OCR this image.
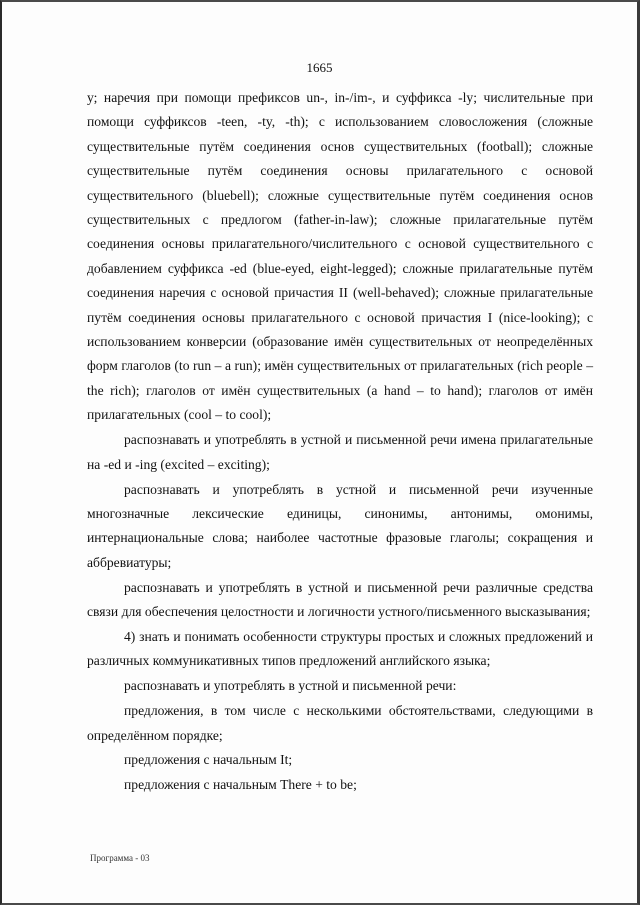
1665

у; наречия при помощи префиксов un-, in-/im-, и суффикса -ly; числительные при помощи суффиксов -teen, -ty, -th); с использованием словосложения (сложные существительные путём соединения основ существительных (football); сложные существительные путём соединения основы прилагательного с основой существительного (bluebell); сложные существительные путём соединения основ существительных с предлогом (father-in-law); сложные прилагательные путём соединения основы прилагательного/числительного с основой существительного с добавлением суффикса -ed (blue-eyed, eight-legged); сложные прилагательные путём соединения наречия с основой причастия II (well-behaved); сложные прилагательные путём соединения основы прилагательного с основой причастия I (nice-looking); с использованием конверсии (образование имён существительных от неопределённых форм глаголов (to run – a run); имён существительных от прилагательных (rich people – the rich); глаголов от имён существительных (a hand – to hand); глаголов от имён прилагательных (cool – to cool);

распознавать и употреблять в устной и письменной речи имена прилагательные на -ed и -ing (excited – exciting);

распознавать и употреблять в устной и письменной речи изученные многозначные лексические единицы, синонимы, антонимы, омонимы, интернациональные слова; наиболее частотные фразовые глаголы; сокращения и аббревиатуры;

распознавать и употреблять в устной и письменной речи различные средства связи для обеспечения целостности и логичности устного/письменного высказывания;

4) знать и понимать особенности структуры простых и сложных предложений и различных коммуникативных типов предложений английского языка;

распознавать и употреблять в устной и письменной речи:

предложения, в том числе с несколькими обстоятельствами, следующими в определённом порядке;

предложения с начальным It;

предложения с начальным There + to be;

Программа - 03
